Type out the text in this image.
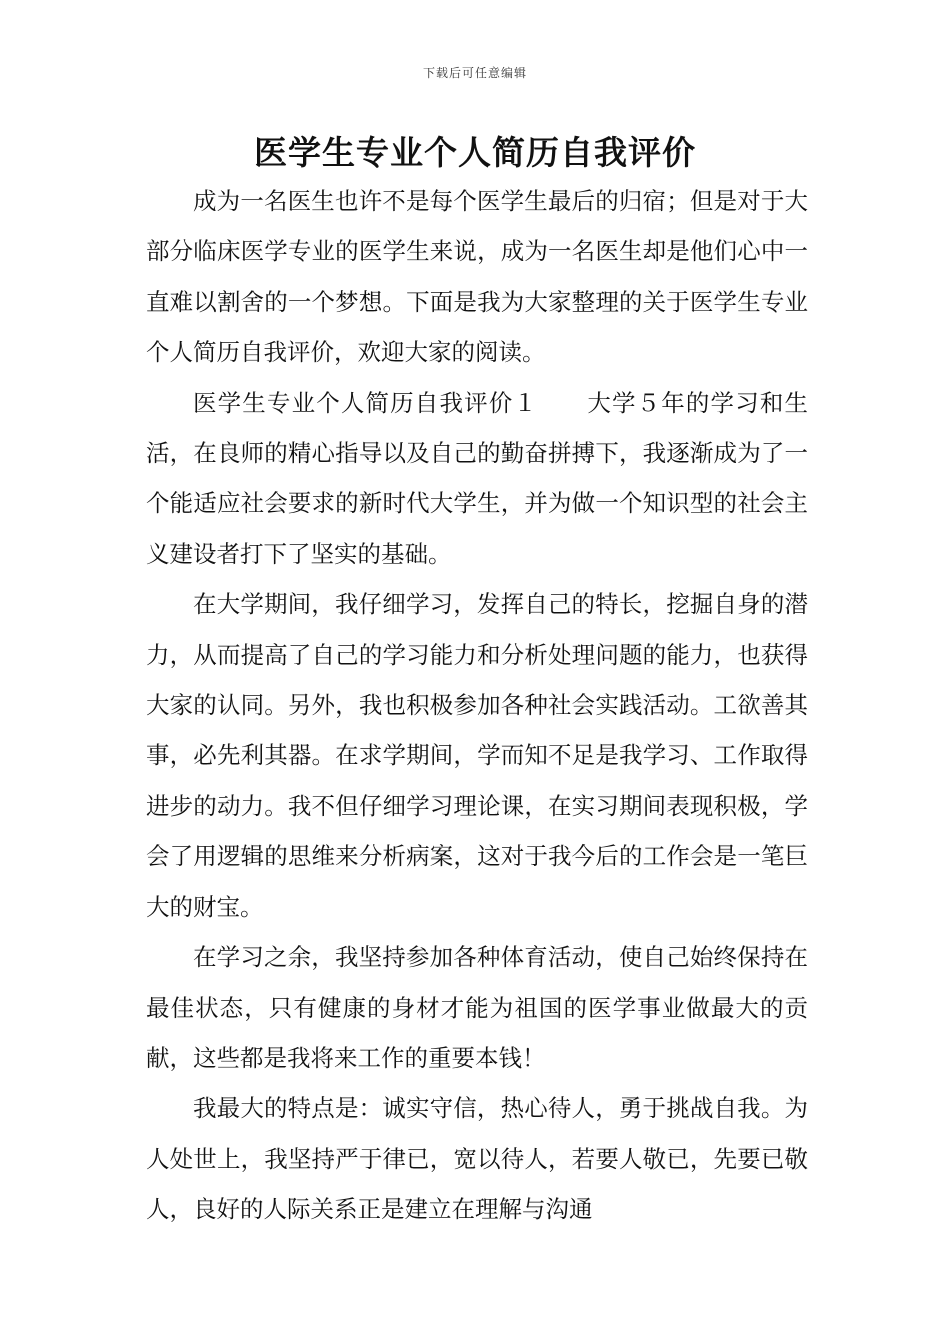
下载后可任意编辑
医学生专业个人简历自我评价

成为一名医生也许不是每个医学生最后的归宿；但是对于大部分临床医学专业的医学生来说，成为一名医生却是他们心中一直难以割舍的一个梦想。下面是我为大家整理的关于医学生专业个人简历自我评价，欢迎大家的阅读。

医学生专业个人简历自我评价１　　大学５年的学习和生活，在良师的精心指导以及自己的勤奋拼搏下，我逐渐成为了一个能适应社会要求的新时代大学生，并为做一个知识型的社会主义建设者打下了坚实的基础。

在大学期间，我仔细学习，发挥自己的特长，挖掘自身的潜力，从而提高了自己的学习能力和分析处理问题的能力，也获得大家的认同。另外，我也积极参加各种社会实践活动。工欲善其事，必先利其器。在求学期间，学而知不足是我学习、工作取得进步的动力。我不但仔细学习理论课，在实习期间表现积极，学会了用逻辑的思维来分析病案，这对于我今后的工作会是一笔巨大的财宝。

在学习之余，我坚持参加各种体育活动，使自己始终保持在最佳状态，只有健康的身材才能为祖国的医学事业做最大的贡献，这些都是我将来工作的重要本钱！

我最大的特点是：诚实守信，热心待人，勇于挑战自我。为人处世上，我坚持严于律已，宽以待人，若要人敬已，先要已敬人，良好的人际关系正是建立在理解与沟通
